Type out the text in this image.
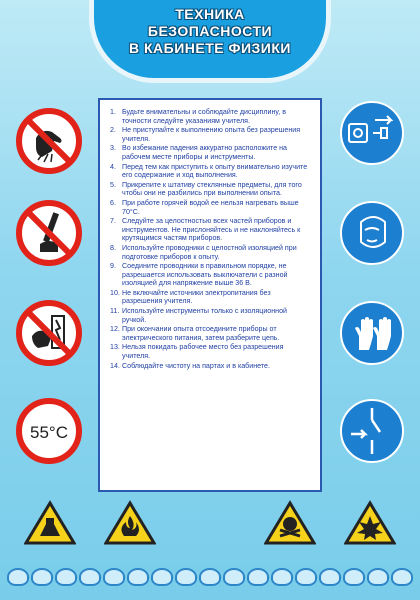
ТЕХНИКА
БЕЗОПАСНОСТИ
В КАБИНЕТЕ ФИЗИКИ
55°C
1. Будьте внимательны и соблюдайте дисциплину, в точности следуйте указаниям учителя.
2. Не приступайте к выполнению опыта без разрешения учителя.
3. Во избежание падения аккуратно расположите на рабочем месте приборы и инструменты.
4. Перед тем как приступить к опыту внимательно изучите его содержание и ход выполнения.
5. Прикрепите к штативу стеклянные предметы, для того чтобы они не разбились при выполнении опыта.
6. При работе горячей водой ее нельзя нагревать выше 70°С.
7. Следуйте за целостностью всех частей приборов и инструментов. Не прислоняйтесь и не наклоняйтесь к крутящимся частям приборов.
8. Используйте проводники с целостной изоляцией при подготовке приборов к опыту.
9. Соедините проводники в правильном порядке, не разрешается использовать выключатели с разной изоляцией для напряжение выше 36 В.
10. Не включайте источники электропитания без разрешения учителя.
11. Используйте инструменты только с изоляционной ручкой.
12. При окончании опыта отсоедините приборы от электрического питания, затем разберите цепь.
13. Нельзя покидать рабочее место без разрешения учителя.
14. Соблюдайте чистоту на партах и в кабинете.
